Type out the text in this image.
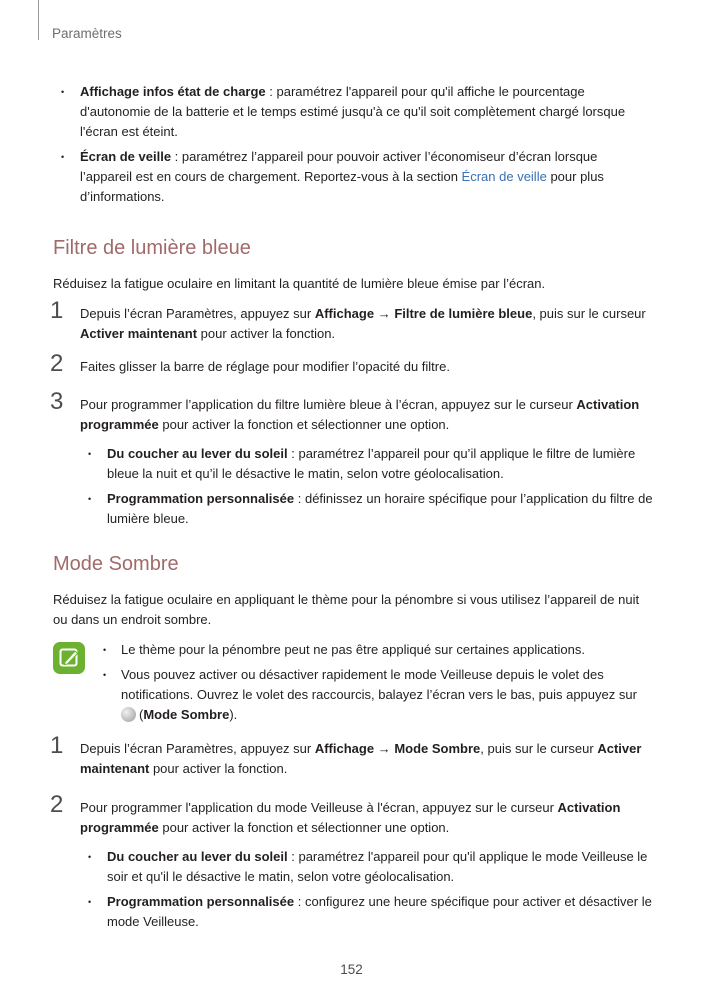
Paramètres
• Affichage infos état de charge : paramétrez l'appareil pour qu'il affiche le pourcentage d'autonomie de la batterie et le temps estimé jusqu'à ce qu'il soit complètement chargé lorsque l'écran est éteint.
• Écran de veille : paramétrez l’appareil pour pouvoir activer l’économiseur d’écran lorsque l’appareil est en cours de chargement. Reportez-vous à la section Écran de veille pour plus d’informations.
Filtre de lumière bleue

Réduisez la fatigue oculaire en limitant la quantité de lumière bleue émise par l’écran.

1 Depuis l’écran Paramètres, appuyez sur Affichage → Filtre de lumière bleue, puis sur le curseur Activer maintenant pour activer la fonction.
2 Faites glisser la barre de réglage pour modifier l’opacité du filtre.
3 Pour programmer l’application du filtre lumière bleue à l’écran, appuyez sur le curseur Activation programmée pour activer la fonction et sélectionner une option.
• Du coucher au lever du soleil : paramétrez l’appareil pour qu’il applique le filtre de lumière bleue la nuit et qu’il le désactive le matin, selon votre géolocalisation.
• Programmation personnalisée : définissez un horaire spécifique pour l’application du filtre de lumière bleue.
Mode Sombre

Réduisez la fatigue oculaire en appliquant le thème pour la pénombre si vous utilisez l’appareil de nuit ou dans un endroit sombre.

• Le thème pour la pénombre peut ne pas être appliqué sur certaines applications.
• Vous pouvez activer ou désactiver rapidement le mode Veilleuse depuis le volet des notifications. Ouvrez le volet des raccourcis, balayez l’écran vers le bas, puis appuyez sur (Mode Sombre).
1 Depuis l’écran Paramètres, appuyez sur Affichage → Mode Sombre, puis sur le curseur Activer maintenant pour activer la fonction.
2 Pour programmer l'application du mode Veilleuse à l'écran, appuyez sur le curseur Activation programmée pour activer la fonction et sélectionner une option.
• Du coucher au lever du soleil : paramétrez l'appareil pour qu'il applique le mode Veilleuse le soir et qu'il le désactive le matin, selon votre géolocalisation.
• Programmation personnalisée : configurez une heure spécifique pour activer et désactiver le mode Veilleuse.
152
